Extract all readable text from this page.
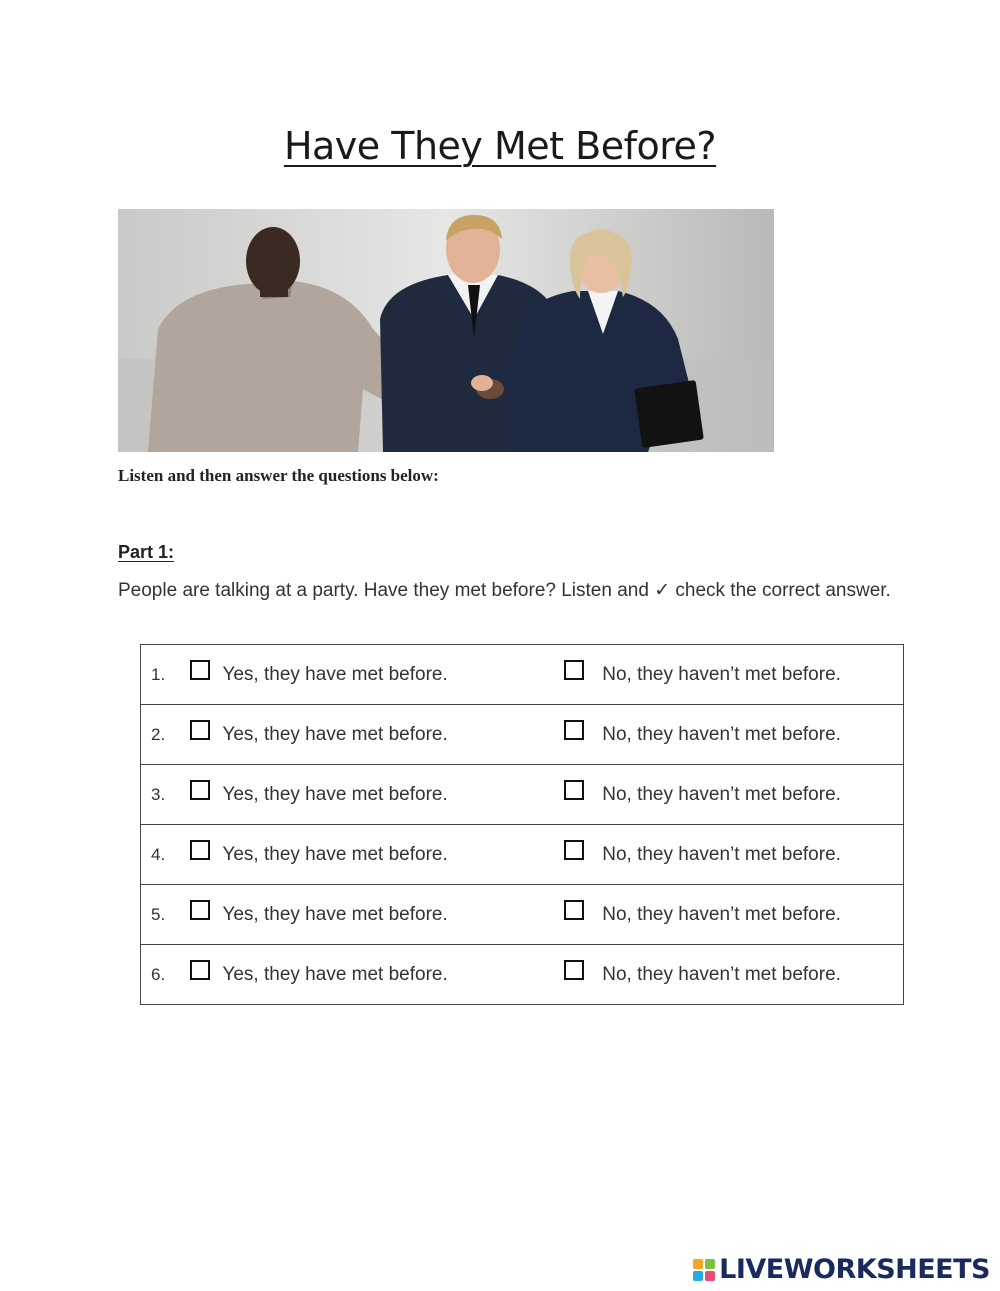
Have They Met Before?

Listen and then answer the questions below:

Part 1:

People are talking at a party. Have they met before? Listen and ✓ check the correct answer.

1.	Yes, they have met before.	No, they haven’t met before.

2.	Yes, they have met before.	No, they haven’t met before.

3.	Yes, they have met before.	No, they haven’t met before.

4.	Yes, they have met before.	No, they haven’t met before.

5.	Yes, they have met before.	No, they haven’t met before.

6.	Yes, they have met before.	No, they haven’t met before.
LIVEWORKSHEETS
